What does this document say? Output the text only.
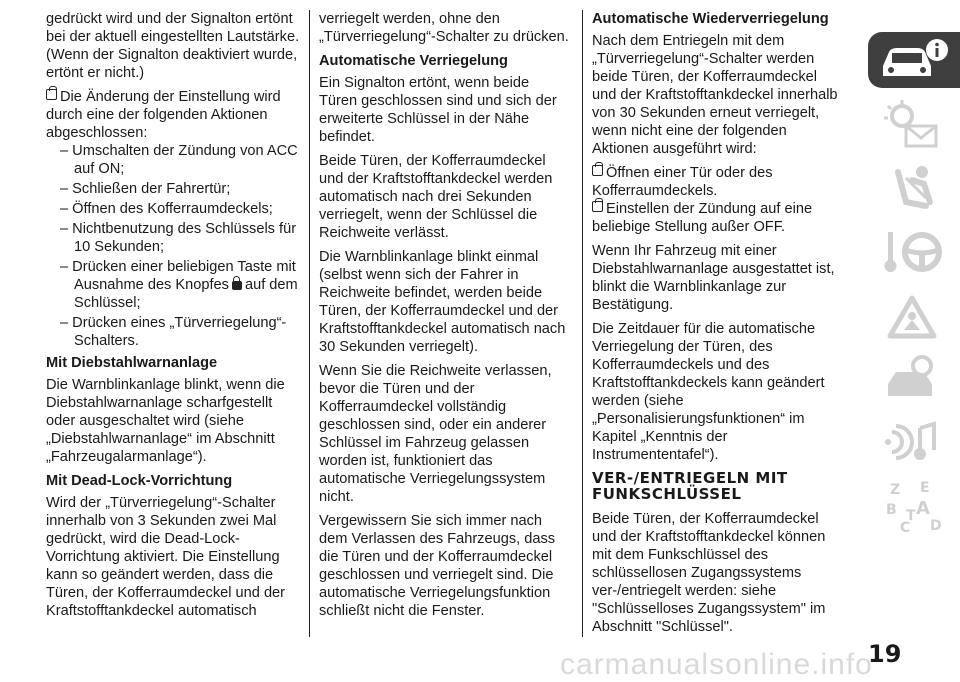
gedrückt wird und der Signalton ertönt bei der aktuell eingestellten Lautstärke. (Wenn der Signalton deaktiviert wurde, ertönt er nicht.)

Die Änderung der Einstellung wird durch eine der folgenden Aktionen abgeschlossen:

– Umschalten der Zündung von ACC auf ON;

– Schließen der Fahrertür;

– Öffnen des Kofferraumdeckels;

– Nichtbenutzung des Schlüssels für 10 Sekunden;

– Drücken einer beliebigen Taste mit Ausnahme des Knopfes auf dem Schlüssel;

– Drücken eines „Türverriegelung“-Schalters.

Mit Diebstahlwarnanlage

Die Warnblinkanlage blinkt, wenn die Diebstahlwarnanlage scharfgestellt oder ausgeschaltet wird (siehe „Diebstahlwarnanlage“ im Abschnitt „Fahrzeugalarmanlage“).

Mit Dead-Lock-Vorrichtung

Wird der „Türverriegelung“-Schalter innerhalb von 3 Sekunden zwei Mal gedrückt, wird die Dead-Lock-Vorrichtung aktiviert. Die Einstellung kann so geändert werden, dass die Türen, der Kofferraumdeckel und der Kraftstofftankdeckel automatisch

verriegelt werden, ohne den „Türverriegelung“-Schalter zu drücken.

Automatische Verriegelung

Ein Signalton ertönt, wenn beide Türen geschlossen sind und sich der erweiterte Schlüssel in der Nähe befindet.

Beide Türen, der Kofferraumdeckel und der Kraftstofftankdeckel werden automatisch nach drei Sekunden verriegelt, wenn der Schlüssel die Reichweite verlässt.

Die Warnblinkanlage blinkt einmal (selbst wenn sich der Fahrer in Reichweite befindet, werden beide Türen, der Kofferraumdeckel und der Kraftstofftankdeckel automatisch nach 30 Sekunden verriegelt).

Wenn Sie die Reichweite verlassen, bevor die Türen und der Kofferraumdeckel vollständig geschlossen sind, oder ein anderer Schlüssel im Fahrzeug gelassen worden ist, funktioniert das automatische Verriegelungssystem nicht.

Vergewissern Sie sich immer nach dem Verlassen des Fahrzeugs, dass die Türen und der Kofferraumdeckel geschlossen und verriegelt sind. Die automatische Verriegelungsfunktion schließt nicht die Fenster.

Automatische Wiederverriegelung

Nach dem Entriegeln mit dem „Türverriegelung“-Schalter werden beide Türen, der Kofferraumdeckel und der Kraftstofftankdeckel innerhalb von 30 Sekunden erneut verriegelt, wenn nicht eine der folgenden Aktionen ausgeführt wird:

Öffnen einer Tür oder des Kofferraumdeckels.

Einstellen der Zündung auf eine beliebige Stellung außer OFF.

Wenn Ihr Fahrzeug mit einer Diebstahlwarnanlage ausgestattet ist, blinkt die Warnblinkanlage zur Bestätigung.

Die Zeitdauer für die automatische Verriegelung der Türen, des Kofferraumdeckels und des Kraftstofftankdeckels kann geändert werden (siehe „Personalisierungsfunktionen“ im Kapitel „Kenntnis der Instrumententafel“).

VER-/ENTRIEGELN MIT FUNKSCHLÜSSEL

Beide Türen, der Kofferraumdeckel und der Kraftstofftankdeckel können mit dem Funkschlüssel des schlüssellosen Zugangssystems ver-/entriegelt werden: siehe "Schlüsselloses Zugangssystem" im Abschnitt "Schlüssel".

Z E
B A
C
T
D
carmanualsonline.info
19
